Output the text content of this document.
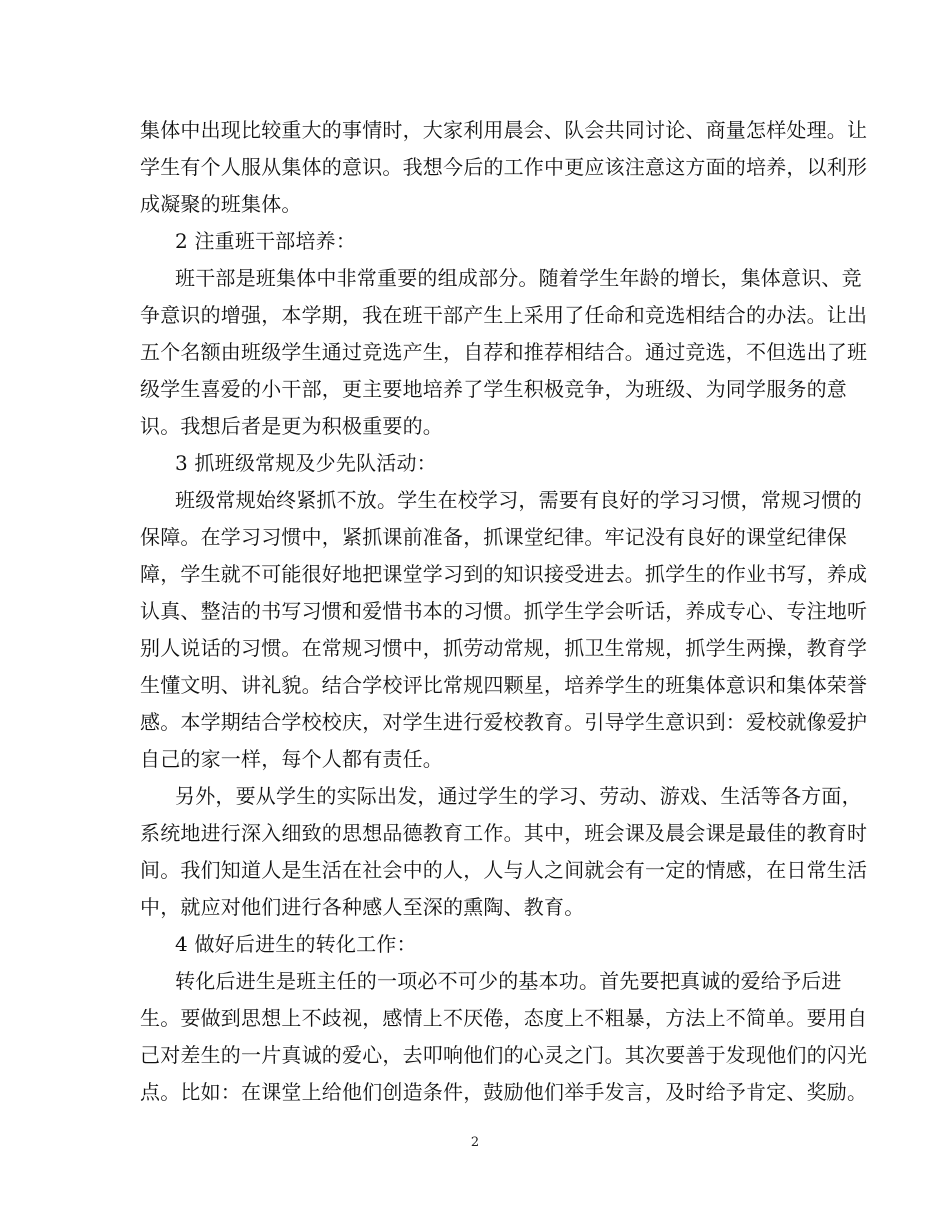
集体中出现比较重大的事情时，大家利用晨会、队会共同讨论、商量怎样处理。让
学生有个人服从集体的意识。我想今后的工作中更应该注意这方面的培养，以利形
成凝聚的班集体。
2 注重班干部培养：
班干部是班集体中非常重要的组成部分。随着学生年龄的增长，集体意识、竞
争意识的增强，本学期，我在班干部产生上采用了任命和竞选相结合的办法。让出
五个名额由班级学生通过竞选产生，自荐和推荐相结合。通过竞选，不但选出了班
级学生喜爱的小干部，更主要地培养了学生积极竞争，为班级、为同学服务的意
识。我想后者是更为积极重要的。
3 抓班级常规及少先队活动：
班级常规始终紧抓不放。学生在校学习，需要有良好的学习习惯，常规习惯的
保障。在学习习惯中，紧抓课前准备，抓课堂纪律。牢记没有良好的课堂纪律保
障，学生就不可能很好地把课堂学习到的知识接受进去。抓学生的作业书写，养成
认真、整洁的书写习惯和爱惜书本的习惯。抓学生学会听话，养成专心、专注地听
别人说话的习惯。在常规习惯中，抓劳动常规，抓卫生常规，抓学生两操，教育学
生懂文明、讲礼貌。结合学校评比常规四颗星，培养学生的班集体意识和集体荣誉
感。本学期结合学校校庆，对学生进行爱校教育。引导学生意识到：爱校就像爱护
自己的家一样，每个人都有责任。
另外，要从学生的实际出发，通过学生的学习、劳动、游戏、生活等各方面，
系统地进行深入细致的思想品德教育工作。其中，班会课及晨会课是最佳的教育时
间。我们知道人是生活在社会中的人，人与人之间就会有一定的情感，在日常生活
中，就应对他们进行各种感人至深的熏陶、教育。
4 做好后进生的转化工作：
转化后进生是班主任的一项必不可少的基本功。首先要把真诚的爱给予后进
生。要做到思想上不歧视，感情上不厌倦，态度上不粗暴，方法上不简单。要用自
己对差生的一片真诚的爱心，去叩响他们的心灵之门。其次要善于发现他们的闪光
点。比如：在课堂上给他们创造条件，鼓励他们举手发言，及时给予肯定、奖励。
2
